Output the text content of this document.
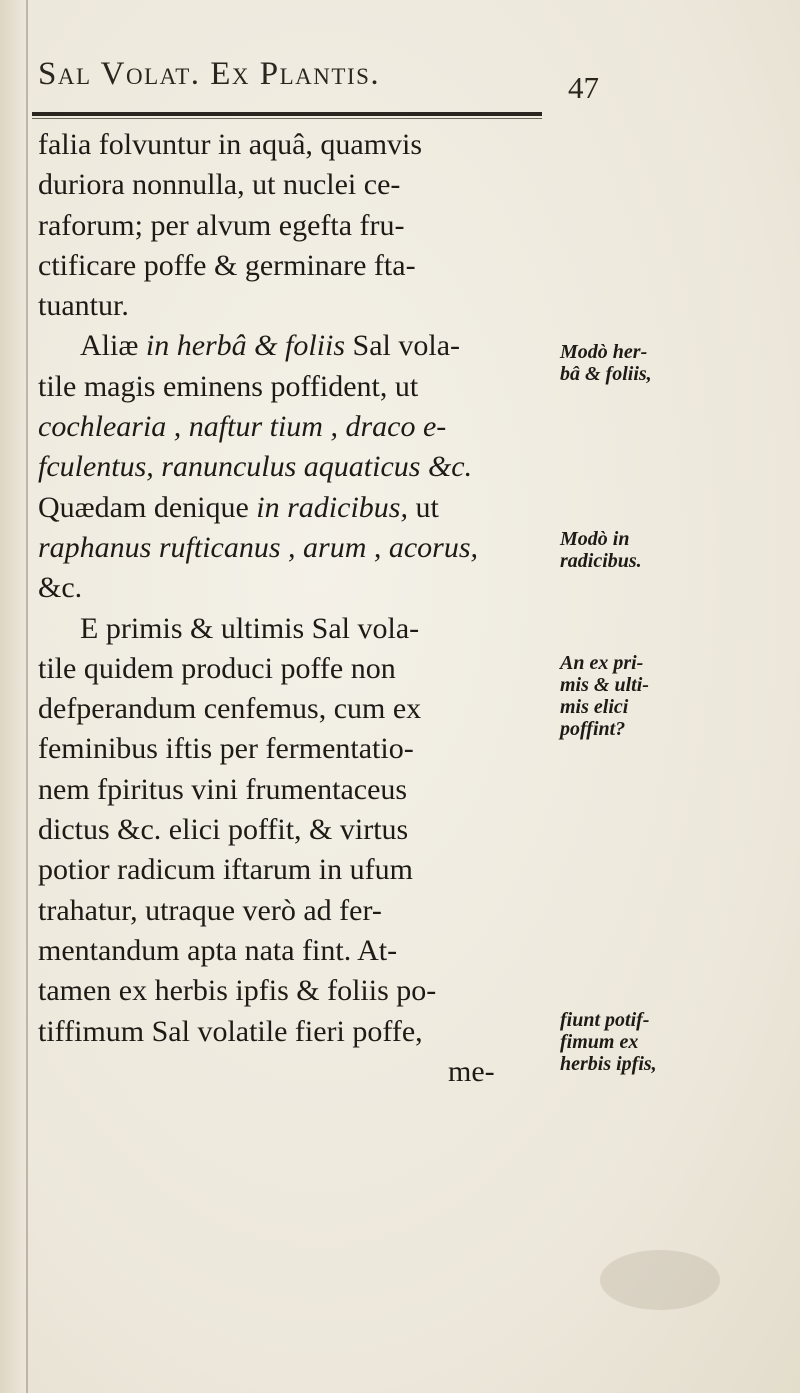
Sal Volat. Ex Plantis.	47
falia folvuntur in aquâ, quamvis
duriora nonnulla, ut nuclei ce-
raforum; per alvum egefta fru-
ctificare poffe & germinare fta-
tuantur.
Aliæ in herbâ & foliis Sal vola-
tile magis eminens poffident, ut
cochlearia , naftur tium , draco e-
fculentus, ranunculus aquaticus &c.
Quædam denique in radicibus, ut
raphanus rufticanus , arum , acorus,
&c.
E primis & ultimis Sal vola-
tile quidem produci poffe non
defperandum cenfemus, cum ex
feminibus iftis per fermentatio-
nem fpiritus vini frumentaceus
dictus &c. elici poffit, & virtus
potior radicum iftarum in ufum
trahatur, utraque verò ad fer-
mentandum apta nata fint. At-
tamen ex herbis ipfis & foliis po-
tiffimum Sal volatile fieri poffe,
me-
Modò her-
bâ & foliis,
Modò in
radicibus.
An ex pri-
mis & ulti-
mis elici
poffint?
fiunt potif-
fimum ex
herbis ipfis,
